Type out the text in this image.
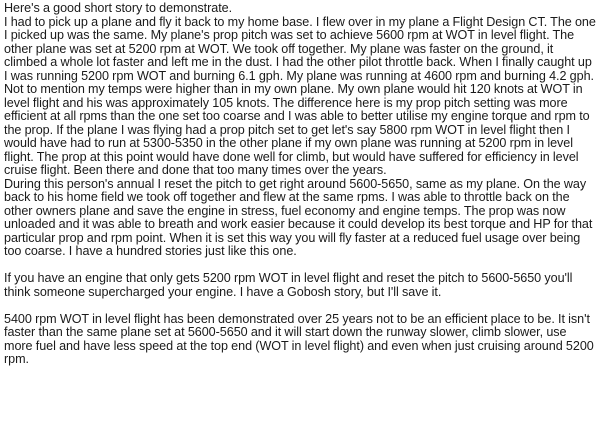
Here's a good short story to demonstrate.

I had to pick up a plane and fly it back to my home base. I flew over in my plane a Flight Design CT. The one I picked up was the same. My plane's prop pitch was set to achieve 5600 rpm at WOT in level flight. The other plane was set at 5200 rpm at WOT. We took off together. My plane was faster on the ground, it climbed a whole lot faster and left me in the dust. I had the other pilot throttle back. When I finally caught up I was running 5200 rpm WOT and burning 6.1 gph. My plane was running at 4600 rpm and burning 4.2 gph. Not to mention my temps were higher than in my own plane. My own plane would hit 120 knots at WOT in level flight and his was approximately 105 knots. The difference here is my prop pitch setting was more efficient at all rpms than the one set too coarse and I was able to better utilise my engine torque and rpm to the prop. If the plane I was flying had a prop pitch set to get let's say 5800 rpm WOT in level flight then I would have had to run at 5300-5350 in the other plane if my own plane was running at 5200 rpm in level flight. The prop at this point would have done well for climb, but would have suffered for efficiency in level cruise flight. Been there and done that too many times over the years.

During this person's annual I reset the pitch to get right around 5600-5650, same as my plane. On the way back to his home field we took off together and flew at the same rpms. I was able to throttle back on the other owners plane and save the engine in stress, fuel economy and engine temps. The prop was now unloaded and it was able to breath and work easier because it could develop its best torque and HP for that particular prop and rpm point. When it is set this way you will fly faster at a reduced fuel usage over being too coarse. I have a hundred stories just like this one.

If you have an engine that only gets 5200 rpm WOT in level flight and reset the pitch to 5600-5650 you'll think someone supercharged your engine. I have a Gobosh story, but I'll save it.

5400 rpm WOT in level flight has been demonstrated over 25 years not to be an efficient place to be. It isn't faster than the same plane set at 5600-5650 and it will start down the runway slower, climb slower, use more fuel and have less speed at the top end (WOT in level flight) and even when just cruising around 5200 rpm.
